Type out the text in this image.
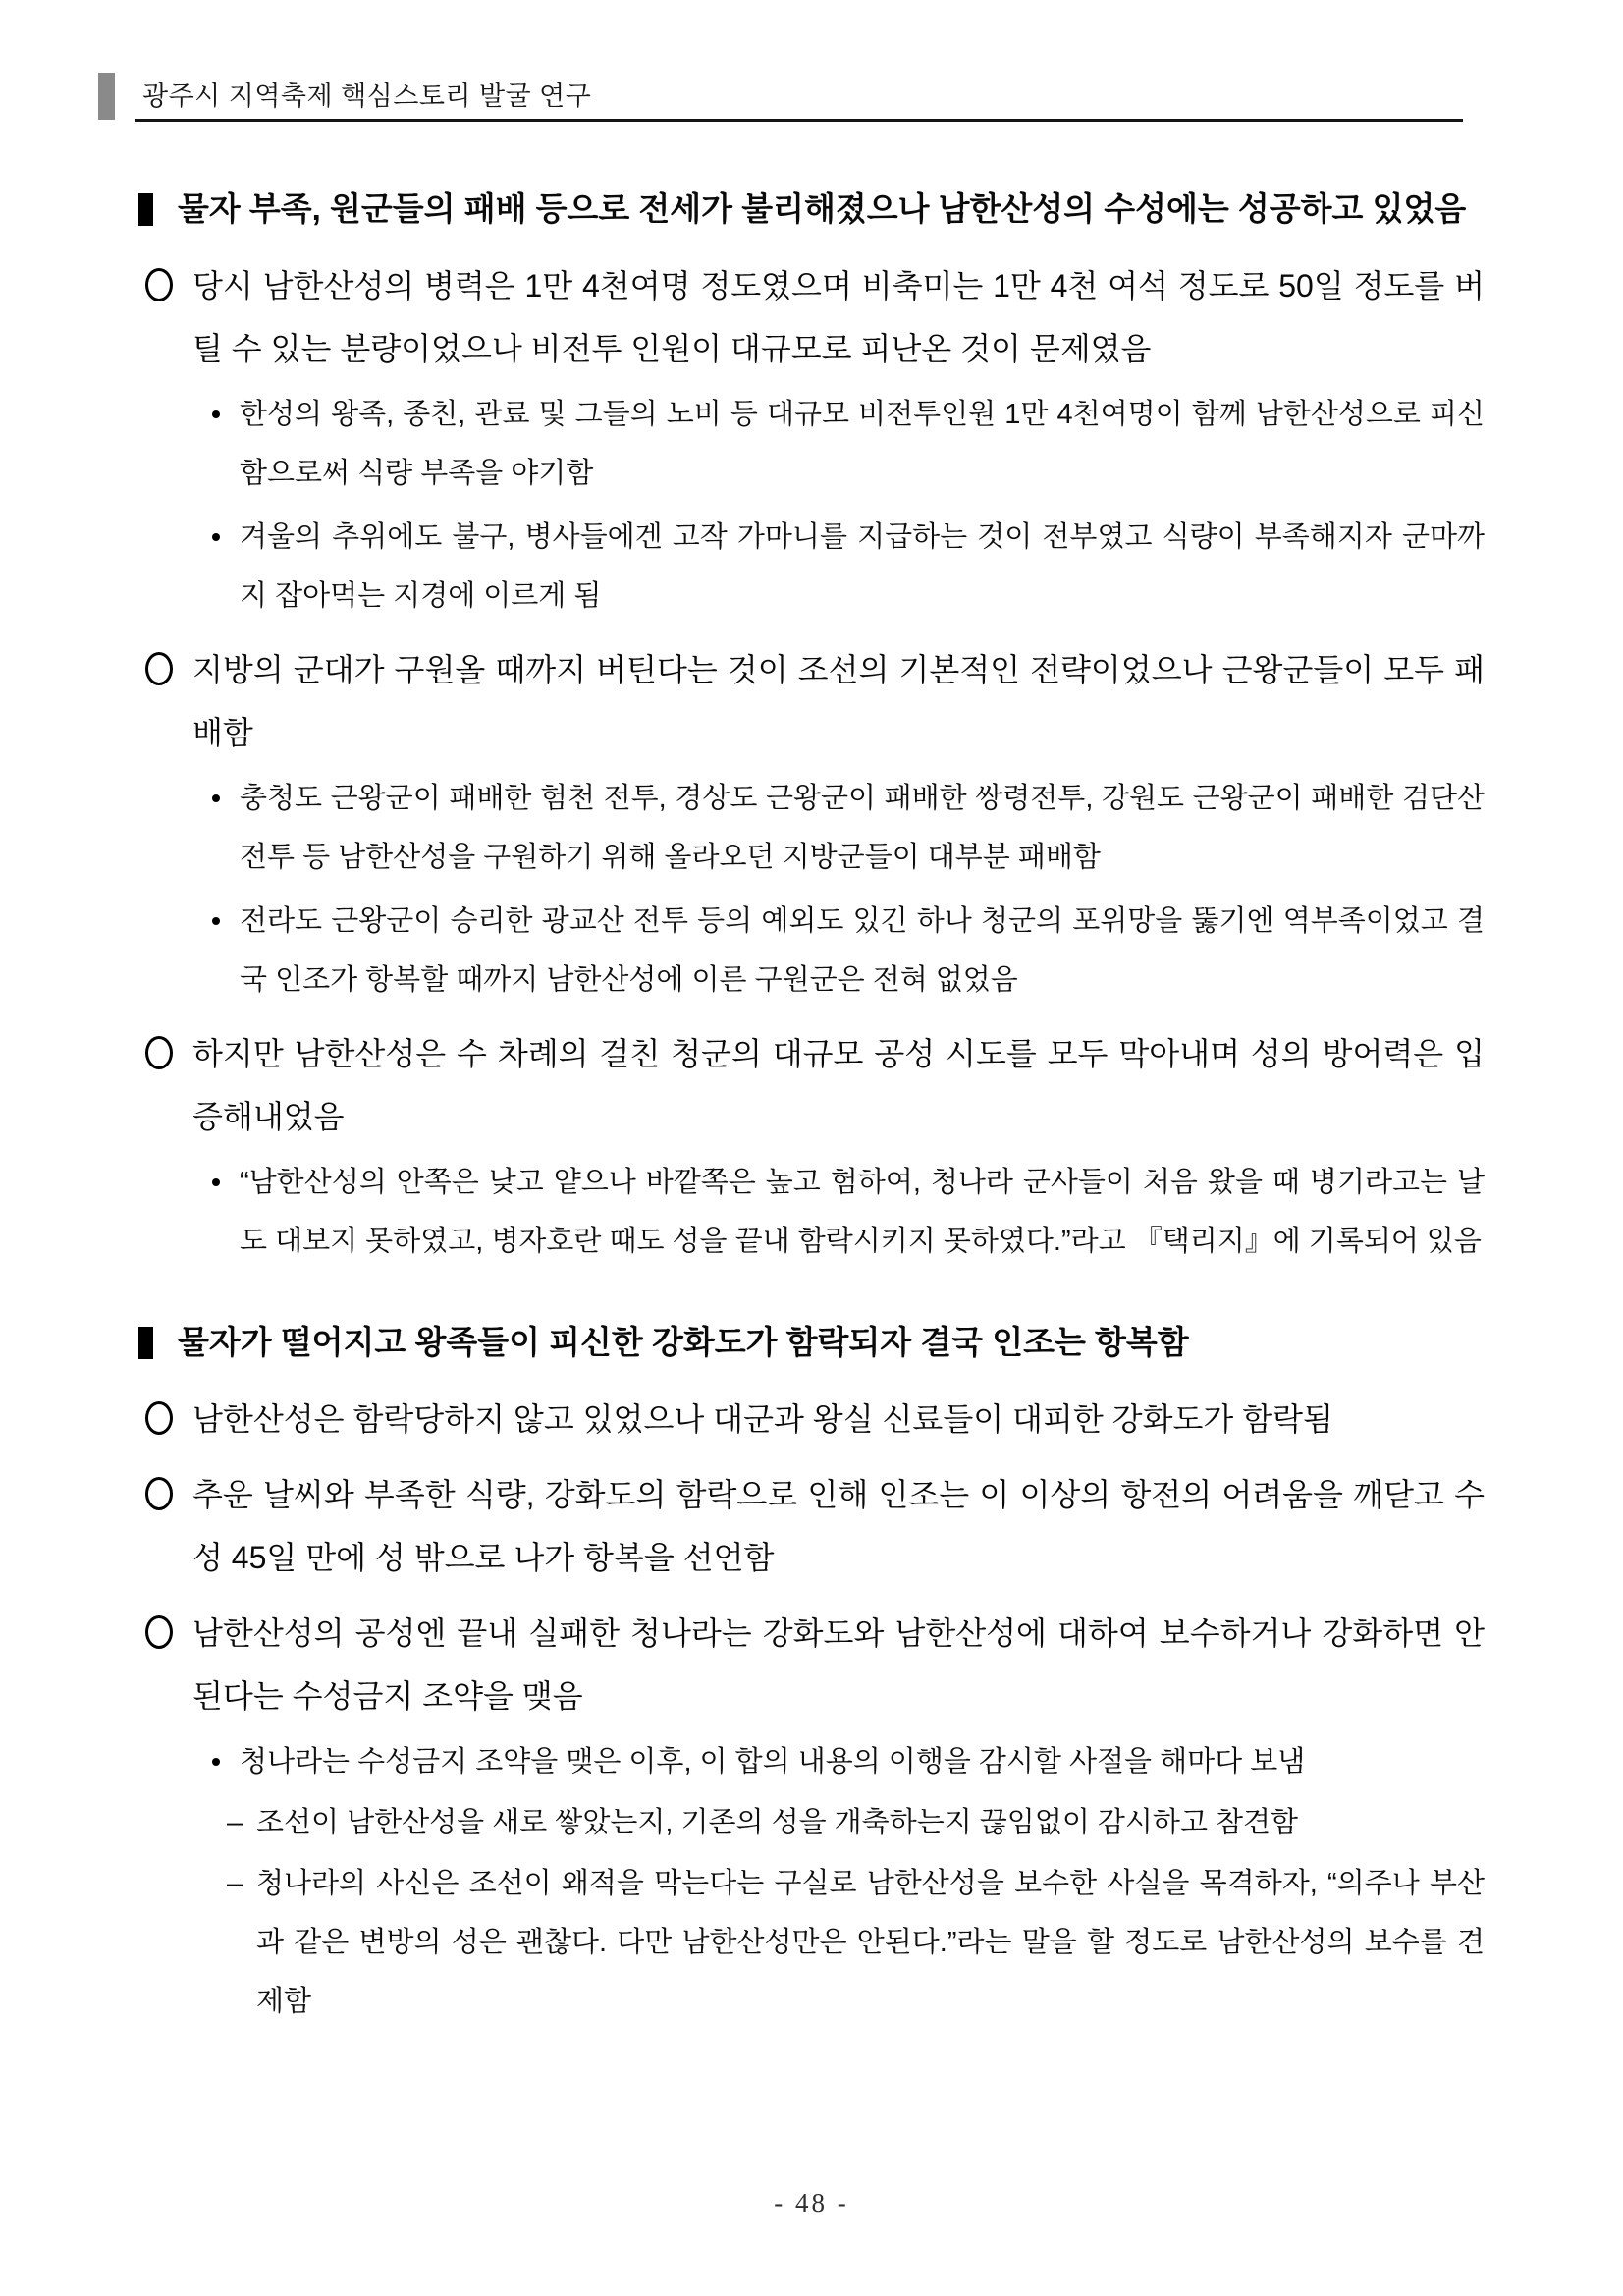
광주시 지역축제 핵심스토리 발굴 연구
물자 부족, 원군들의 패배 등으로 전세가 불리해졌으나 남한산성의 수성에는 성공하고 있었음
당시 남한산성의 병력은 1만 4천여명 정도였으며 비축미는 1만 4천 여석 정도로 50일 정도를 버틸 수 있는 분량이었으나 비전투 인원이 대규모로 피난온 것이 문제였음
한성의 왕족, 종친, 관료 및 그들의 노비 등 대규모 비전투인원 1만 4천여명이 함께 남한산성으로 피신함으로써 식량 부족을 야기함
겨울의 추위에도 불구, 병사들에겐 고작 가마니를 지급하는 것이 전부였고 식량이 부족해지자 군마까지 잡아먹는 지경에 이르게 됨
지방의 군대가 구원올 때까지 버틴다는 것이 조선의 기본적인 전략이었으나 근왕군들이 모두 패배함
충청도 근왕군이 패배한 험천 전투, 경상도 근왕군이 패배한 쌍령전투, 강원도 근왕군이 패배한 검단산 전투 등 남한산성을 구원하기 위해 올라오던 지방군들이 대부분 패배함
전라도 근왕군이 승리한 광교산 전투 등의 예외도 있긴 하나 청군의 포위망을 뚫기엔 역부족이었고 결국 인조가 항복할 때까지 남한산성에 이른 구원군은 전혀 없었음
하지만 남한산성은 수 차례의 걸친 청군의 대규모 공성 시도를 모두 막아내며 성의 방어력은 입증해내었음
“남한산성의 안쪽은 낮고 얕으나 바깥쪽은 높고 험하여, 청나라 군사들이 처음 왔을 때 병기라고는 날도 대보지 못하였고, 병자호란 때도 성을 끝내 함락시키지 못하였다.”라고 『택리지』에 기록되어 있음
물자가 떨어지고 왕족들이 피신한 강화도가 함락되자 결국 인조는 항복함
남한산성은 함락당하지 않고 있었으나 대군과 왕실 신료들이 대피한 강화도가 함락됨
추운 날씨와 부족한 식량, 강화도의 함락으로 인해 인조는 이 이상의 항전의 어려움을 깨닫고 수성 45일 만에 성 밖으로 나가 항복을 선언함
남한산성의 공성엔 끝내 실패한 청나라는 강화도와 남한산성에 대하여 보수하거나 강화하면 안된다는 수성금지 조약을 맺음
청나라는 수성금지 조약을 맺은 이후, 이 합의 내용의 이행을 감시할 사절을 해마다 보냄
– 조선이 남한산성을 새로 쌓았는지, 기존의 성을 개축하는지 끊임없이 감시하고 참견함
– 청나라의 사신은 조선이 왜적을 막는다는 구실로 남한산성을 보수한 사실을 목격하자, “의주나 부산과 같은 변방의 성은 괜찮다. 다만 남한산성만은 안된다.”라는 말을 할 정도로 남한산성의 보수를 견제함
- 48 -
